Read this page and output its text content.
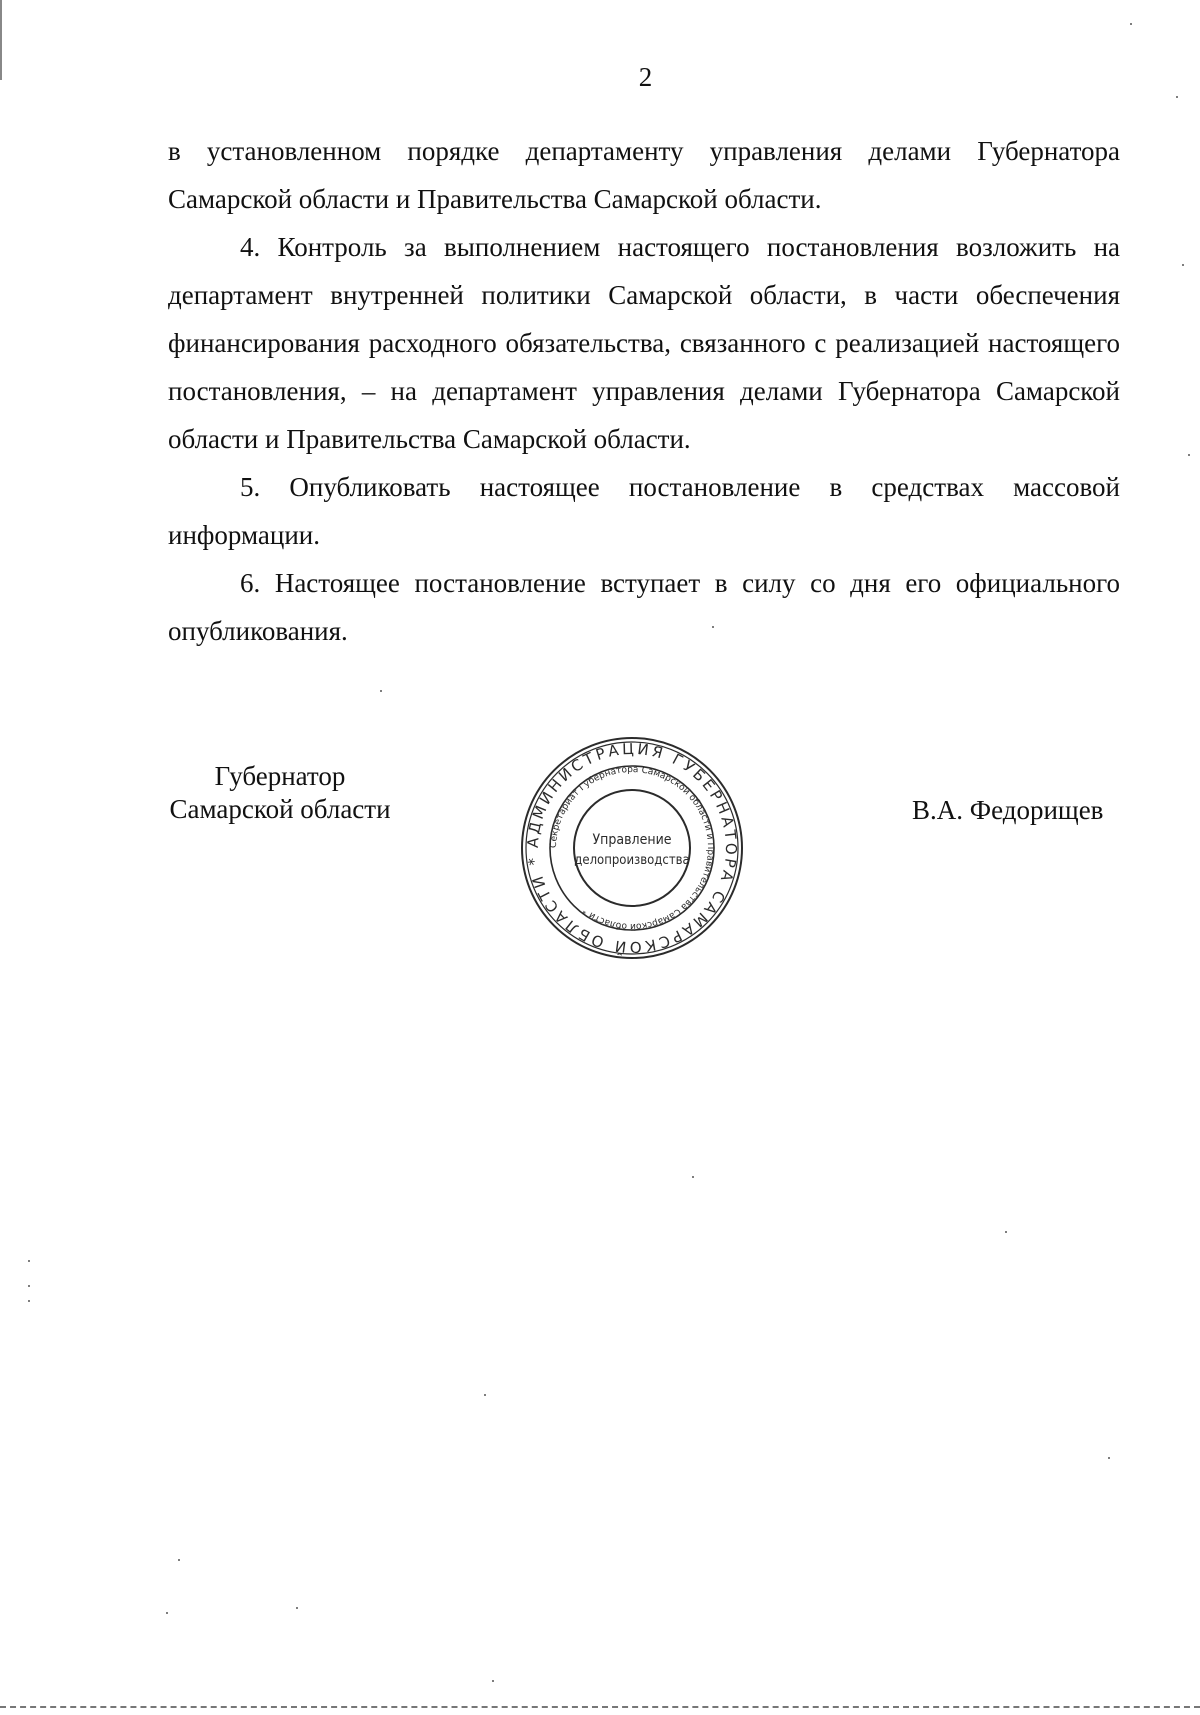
2

в установленном порядке департаменту управления делами Губернатора Самарской области и Правительства Самарской области.

4. Контроль за выполнением настоящего постановления возложить на департамент внутренней политики Самарской области, в части обеспечения финансирования расходного обязательства, связанного с реализацией настоящего постановления, – на департамент управления делами Губернатора Самарской области и Правительства Самарской области.

5. Опубликовать настоящее постановление в средствах массовой информации.

6. Настоящее постановление вступает в силу со дня его официального опубликования.

Губернатор
Самарской области
АДМИНИСТРАЦИЯ ГУБЕРНАТОРА САМАРСКОЙ ОБЛАСТИ *
Секретариат Губернатора Самарской области и Правительства Самарской области *
Управление
делопроизводства
В.А. Федорищев
